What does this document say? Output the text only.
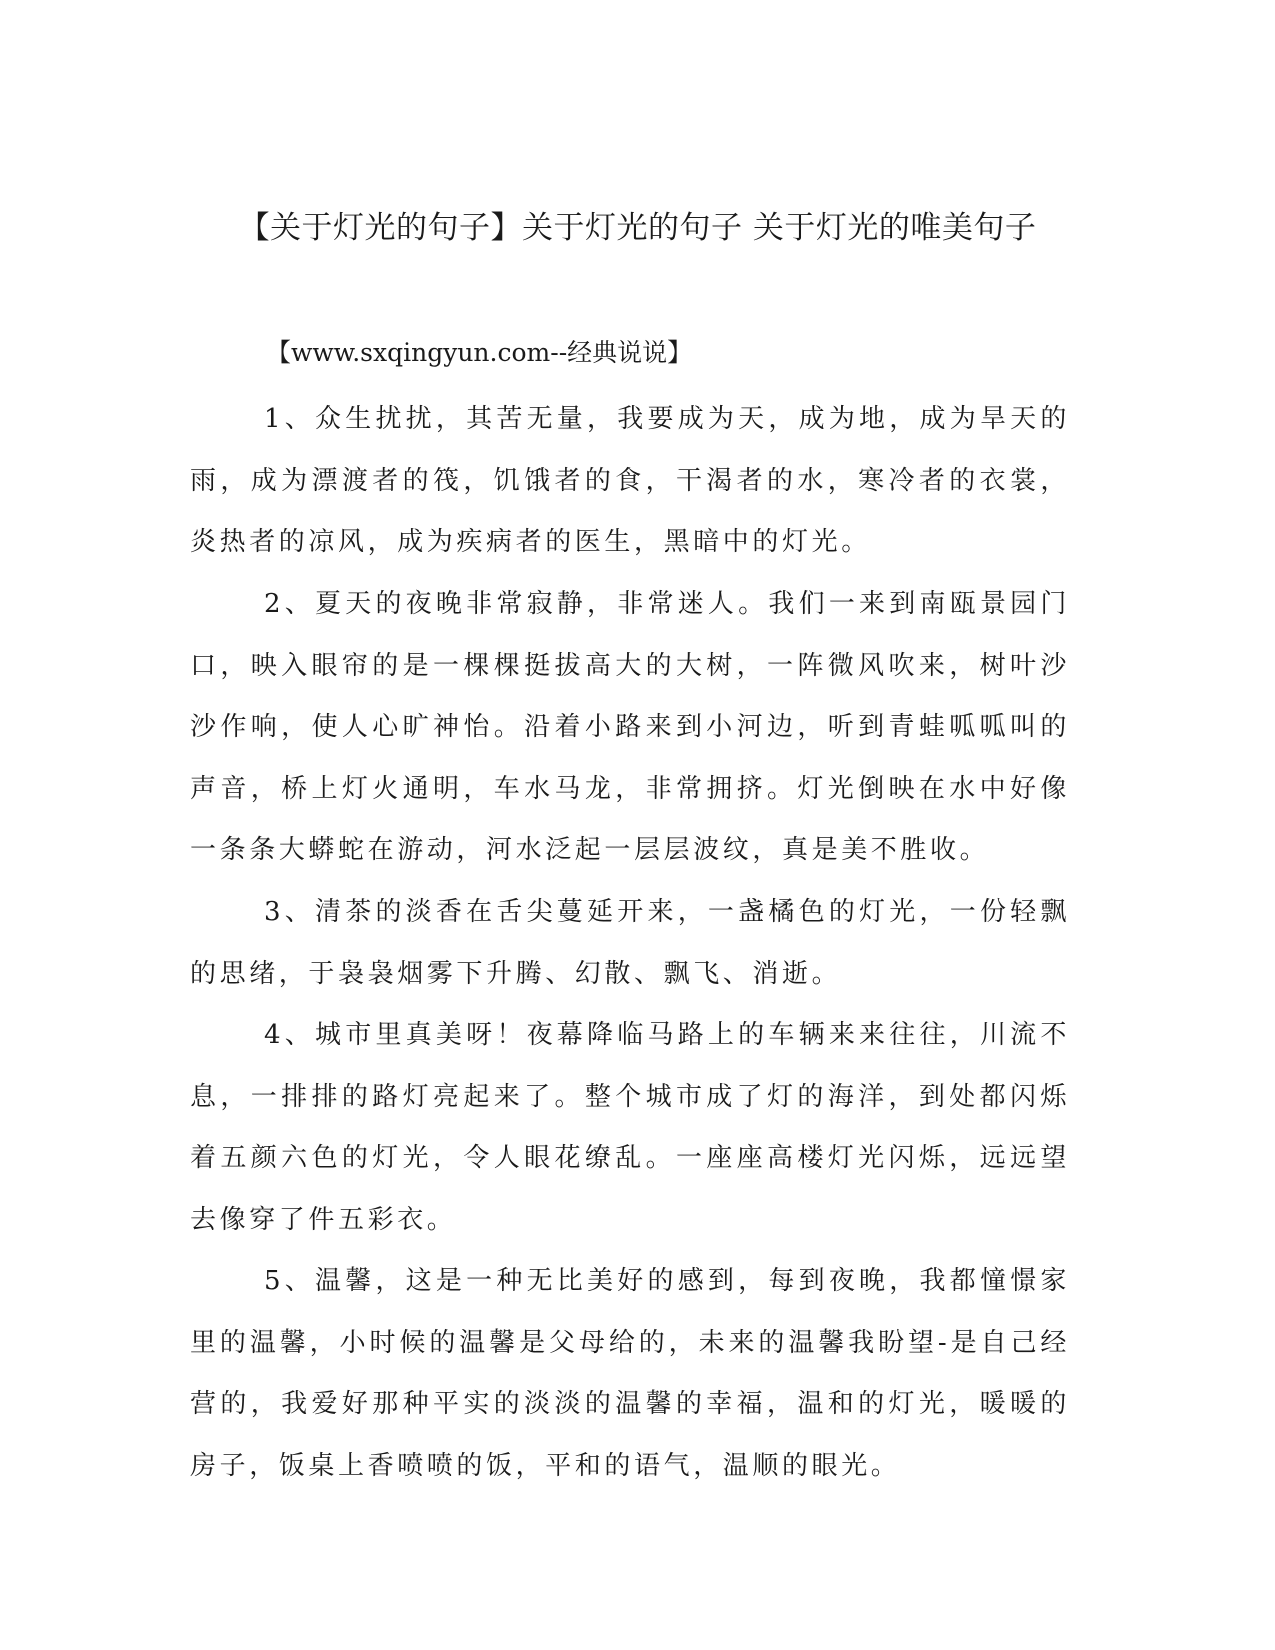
【关于灯光的句子】关于灯光的句子 关于灯光的唯美句子
【www.sxqingyun.com--经典说说】

1、众生扰扰，其苦无量，我要成为天，成为地，成为旱天的雨，成为漂渡者的筏，饥饿者的食，干渴者的水，寒冷者的衣裳，炎热者的凉风，成为疾病者的医生，黑暗中的灯光。

2、夏天的夜晚非常寂静，非常迷人。我们一来到南瓯景园门口，映入眼帘的是一棵棵挺拔高大的大树，一阵微风吹来，树叶沙沙作响，使人心旷神怡。沿着小路来到小河边，听到青蛙呱呱叫的声音，桥上灯火通明，车水马龙，非常拥挤。灯光倒映在水中好像一条条大蟒蛇在游动，河水泛起一层层波纹，真是美不胜收。

3、清茶的淡香在舌尖蔓延开来，一盏橘色的灯光，一份轻飘的思绪，于袅袅烟雾下升腾、幻散、飘飞、消逝。

4、城市里真美呀！夜幕降临马路上的车辆来来往往，川流不息，一排排的路灯亮起来了。整个城市成了灯的海洋，到处都闪烁着五颜六色的灯光，令人眼花缭乱。一座座高楼灯光闪烁，远远望去像穿了件五彩衣。

5、温馨，这是一种无比美好的感到，每到夜晚，我都憧憬家里的温馨，小时候的温馨是父母给的，未来的温馨我盼望-是自己经营的，我爱好那种平实的淡淡的温馨的幸福，温和的灯光，暖暖的房子，饭桌上香喷喷的饭，平和的语气，温顺的眼光。
